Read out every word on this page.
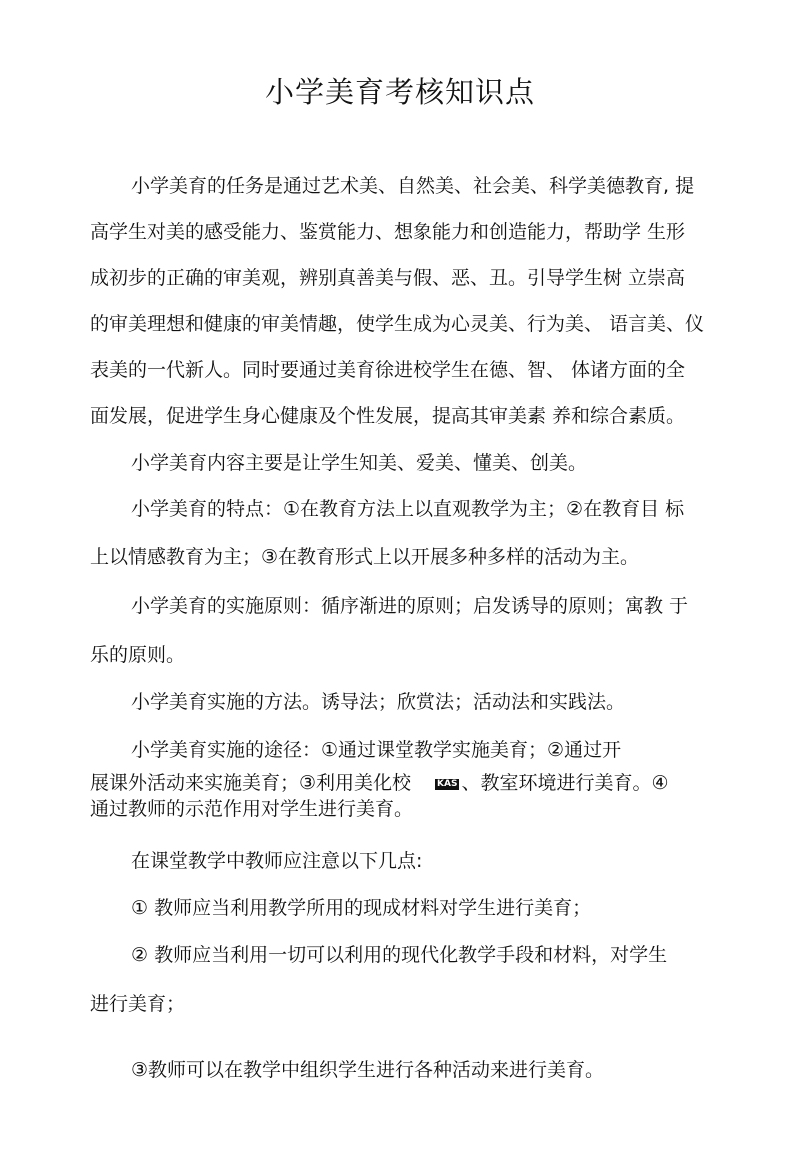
小学美育考核知识点
小学美育的任务是通过艺术美、自然美、社会美、科学美德教育, 提
高学生对美的感受能力、鉴赏能力、想象能力和创造能力，帮助学 生形
成初步的正确的审美观，辨别真善美与假、恶、丑。引导学生树 立崇高
的审美理想和健康的审美情趣，使学生成为心灵美、行为美、 语言美、仪
表美的一代新人。同时要通过美育徐进校学生在德、智、 体诸方面的全
面发展，促进学生身心健康及个性发展，提高其审美素 养和综合素质。
小学美育内容主要是让学生知美、爱美、懂美、创美。
小学美育的特点：①在教育方法上以直观教学为主；②在教育目 标
上以情感教育为主；③在教育形式上以开展多种多样的活动为主。
小学美育的实施原则：循序渐进的原则；启发诱导的原则；寓教 于
乐的原则。
小学美育实施的方法。诱导法；欣赏法；活动法和实践法。
小学美育实施的途径：①通过课堂教学实施美育；②通过开
展课外活动来实施美育；③利用美化校	KAS 、教室环境进行美育。④
通过教师的示范作用对学生进行美育。
在课堂教学中教师应注意以下几点:
① 教师应当利用教学所用的现成材料对学生进行美育；
② 教师应当利用一切可以利用的现代化教学手段和材料，对学生
进行美育；
③教师可以在教学中组织学生进行各种活动来进行美育。
